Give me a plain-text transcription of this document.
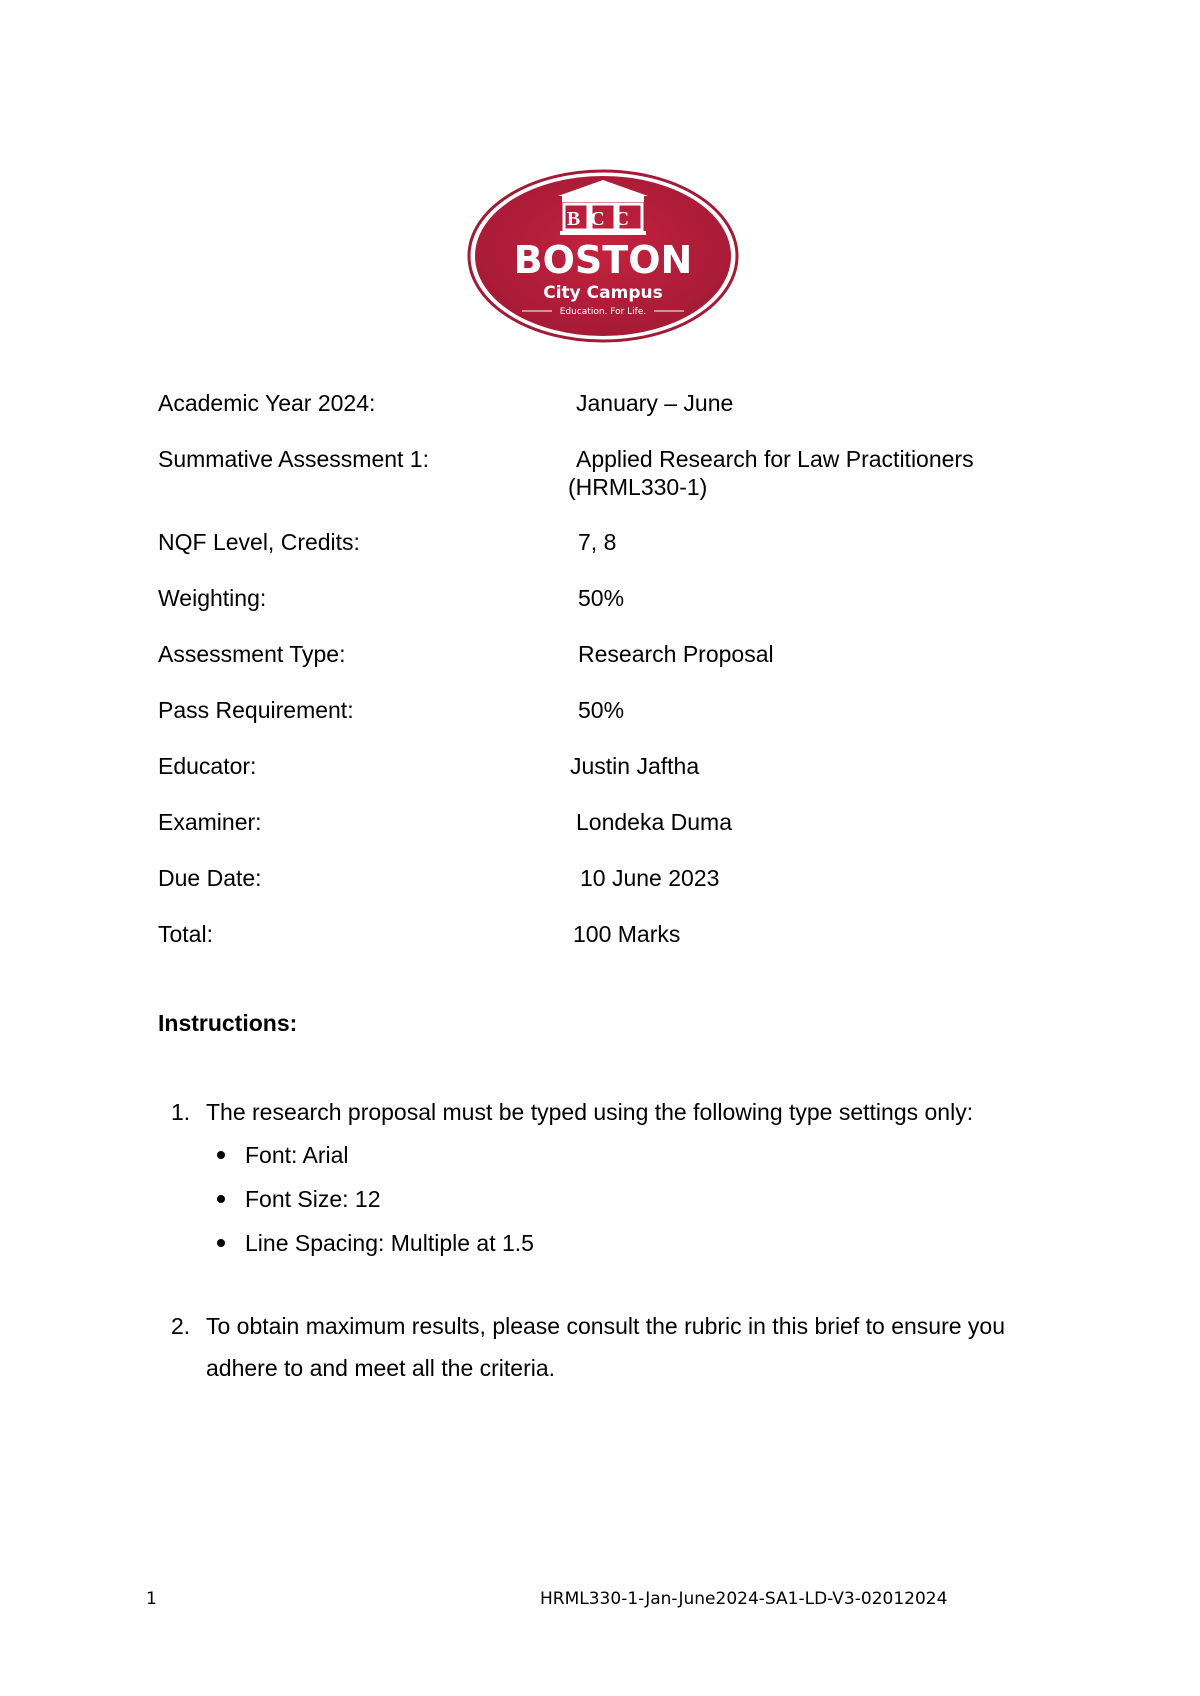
BCC
BOSTON
City Campus
Education. For Life.
Academic Year 2024:	January – June
Summative Assessment 1:	Applied Research for Law Practitioners
(HRML330-1)
NQF Level, Credits:	7, 8
Weighting:	50%
Assessment Type:	Research Proposal
Pass Requirement:	50%
Educator:	Justin Jaftha
Examiner:	Londeka Duma
Due Date:	10 June 2023
Total:	100 Marks
Instructions:
1. The research proposal must be typed using the following type settings only:
Font: Arial
Font Size: 12
Line Spacing: Multiple at 1.5
2. To obtain maximum results, please consult the rubric in this brief to ensure you
adhere to and meet all the criteria.
1	HRML330-1-Jan-June2024-SA1-LD-V3-02012024
